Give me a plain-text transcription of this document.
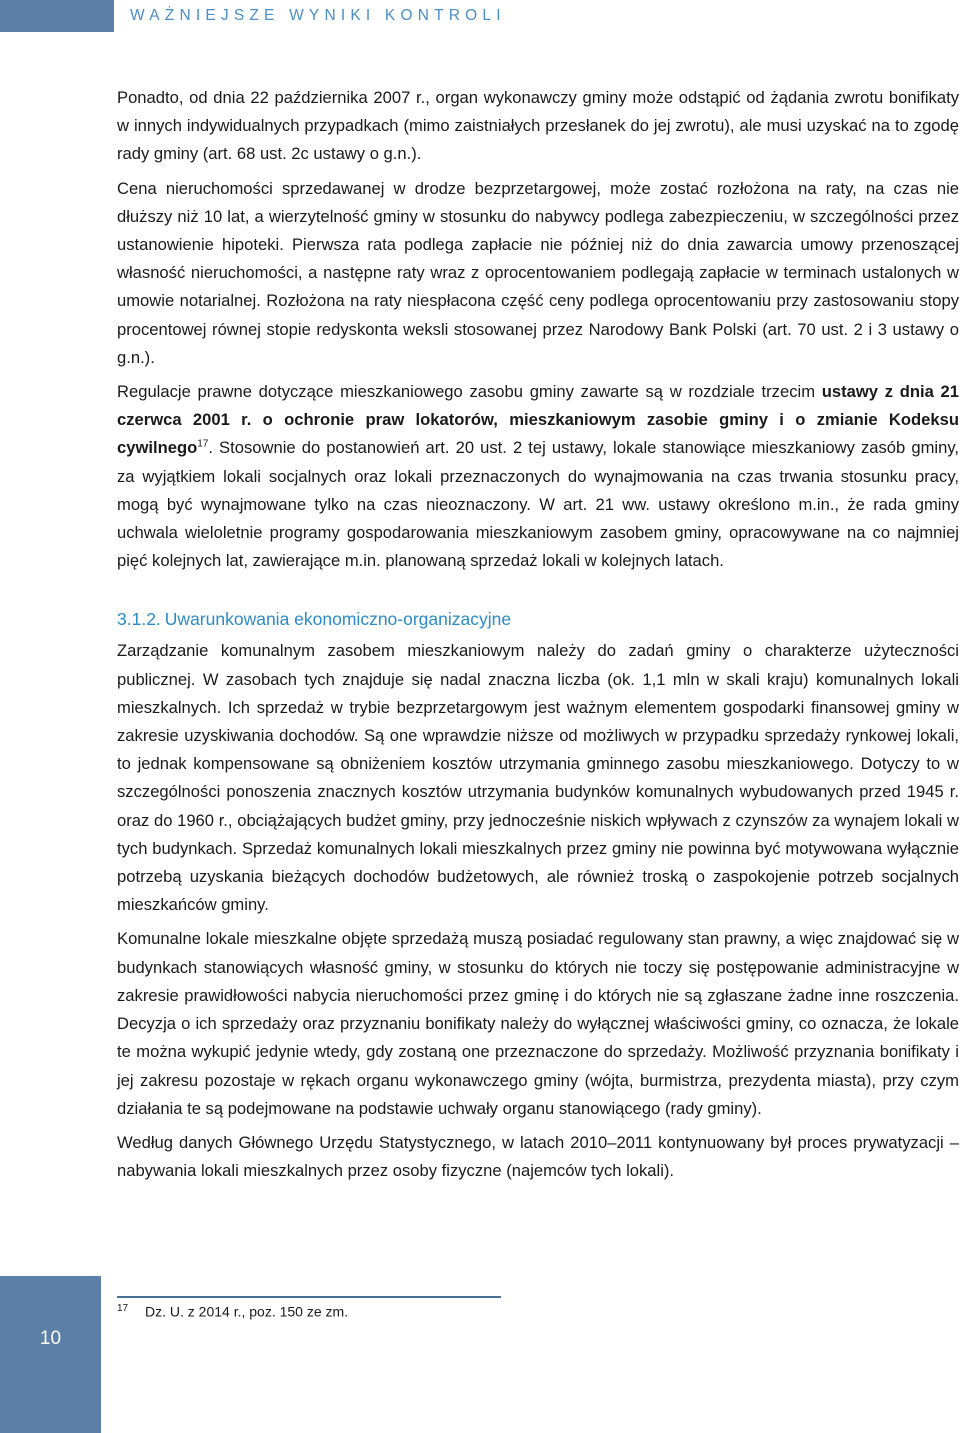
WAŻNIEJSZE WYNIKI KONTROLI

Ponadto, od dnia 22 października 2007 r., organ wykonawczy gminy może odstąpić od żądania zwrotu bonifikaty w innych indywidualnych przypadkach (mimo zaistniałych przesłanek do jej zwrotu), ale musi uzyskać na to zgodę rady gminy (art. 68 ust. 2c ustawy o g.n.).

Cena nieruchomości sprzedawanej w drodze bezprzetargowej, może zostać rozłożona na raty, na czas nie dłuższy niż 10 lat, a wierzytelność gminy w stosunku do nabywcy podlega zabezpieczeniu, w szczególności przez ustanowienie hipoteki. Pierwsza rata podlega zapłacie nie później niż do dnia zawarcia umowy przenoszącej własność nieruchomości, a następne raty wraz z oprocentowaniem podlegają zapłacie w terminach ustalonych w umowie notarialnej. Rozłożona na raty niespłacona część ceny podlega oprocentowaniu przy zastosowaniu stopy procentowej równej stopie redyskonta weksli stosowanej przez Narodowy Bank Polski (art. 70 ust. 2 i 3 ustawy o g.n.).

Regulacje prawne dotyczące mieszkaniowego zasobu gminy zawarte są w rozdziale trzecim ustawy z dnia 21 czerwca 2001 r. o ochronie praw lokatorów, mieszkaniowym zasobie gminy i o zmianie Kodeksu cywilnego$^{17}$. Stosownie do postanowień art. 20 ust. 2 tej ustawy, lokale stanowiące mieszkaniowy zasób gminy, za wyjątkiem lokali socjalnych oraz lokali przeznaczonych do wynajmowania na czas trwania stosunku pracy, mogą być wynajmowane tylko na czas nieoznaczony. W art. 21 ww. ustawy określono m.in., że rada gminy uchwala wieloletnie programy gospodarowania mieszkaniowym zasobem gminy, opracowywane na co najmniej pięć kolejnych lat, zawierające m.in. planowaną sprzedaż lokali w kolejnych latach.

3.1.2. Uwarunkowania ekonomiczno-organizacyjne

Zarządzanie komunalnym zasobem mieszkaniowym należy do zadań gminy o charakterze użyteczności publicznej. W zasobach tych znajduje się nadal znaczna liczba (ok. 1,1 mln w skali kraju) komunalnych lokali mieszkalnych. Ich sprzedaż w trybie bezprzetargowym jest ważnym elementem gospodarki finansowej gminy w zakresie uzyskiwania dochodów. Są one wprawdzie niższe od możliwych w przypadku sprzedaży rynkowej lokali, to jednak kompensowane są obniżeniem kosztów utrzymania gminnego zasobu mieszkaniowego. Dotyczy to w szczególności ponoszenia znacznych kosztów utrzymania budynków komunalnych wybudowanych przed 1945 r. oraz do 1960 r., obciążających budżet gminy, przy jednocześnie niskich wpływach z czynszów za wynajem lokali w tych budynkach. Sprzedaż komunalnych lokali mieszkalnych przez gminy nie powinna być motywowana wyłącznie potrzebą uzyskania bieżących dochodów budżetowych, ale również troską o zaspokojenie potrzeb socjalnych mieszkańców gminy.

Komunalne lokale mieszkalne objęte sprzedażą muszą posiadać regulowany stan prawny, a więc znajdować się w budynkach stanowiących własność gminy, w stosunku do których nie toczy się postępowanie administracyjne w zakresie prawidłowości nabycia nieruchomości przez gminę i do których nie są zgłaszane żadne inne roszczenia. Decyzja o ich sprzedaży oraz przyznaniu bonifikaty należy do wyłącznej właściwości gminy, co oznacza, że lokale te można wykupić jedynie wtedy, gdy zostaną one przeznaczone do sprzedaży. Możliwość przyznania bonifikaty i jej zakresu pozostaje w rękach organu wykonawczego gminy (wójta, burmistrza, prezydenta miasta), przy czym działania te są podejmowane na podstawie uchwały organu stanowiącego (rady gminy).

Według danych Głównego Urzędu Statystycznego, w latach 2010–2011 kontynuowany był proces prywatyzacji – nabywania lokali mieszkalnych przez osoby fizyczne (najemców tych lokali).

17 Dz. U. z 2014 r., poz. 150 ze zm.
10
